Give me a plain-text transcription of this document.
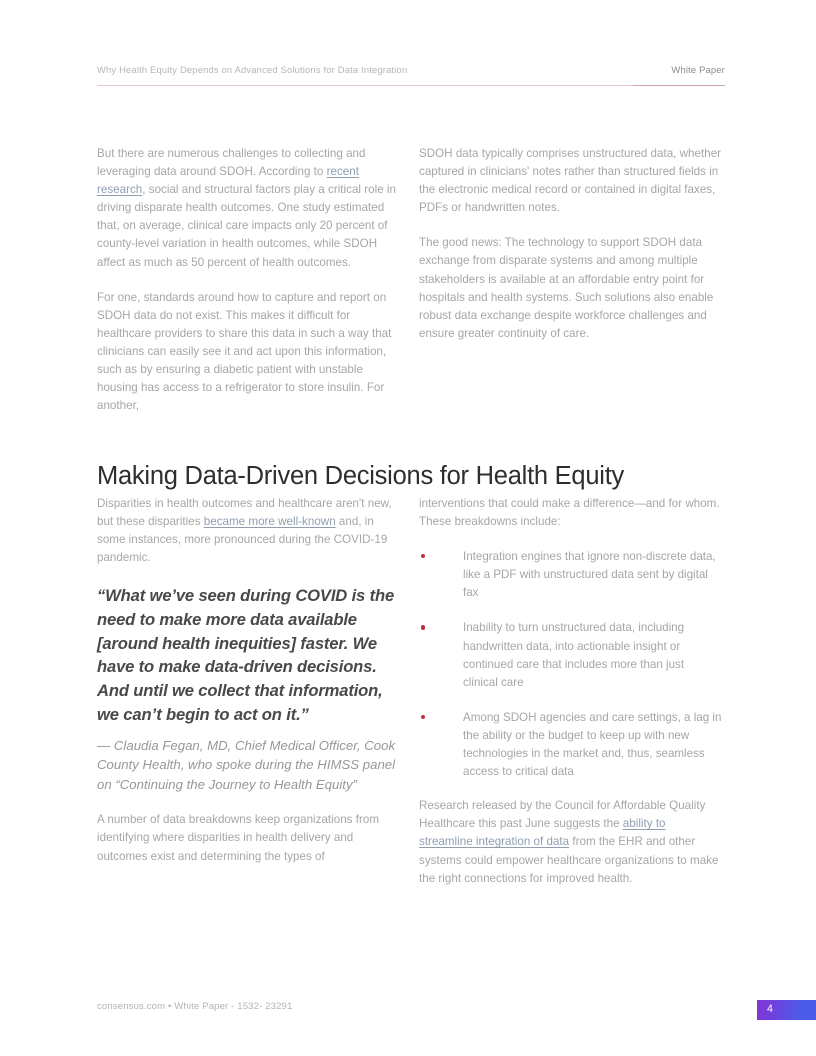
Why Health Equity Depends on Advanced Solutions for Data Integration	White Paper

But there are numerous challenges to collecting and leveraging data around SDOH. According to recent research, social and structural factors play a critical role in driving disparate health outcomes. One study estimated that, on average, clinical care impacts only 20 percent of county-level variation in health outcomes, while SDOH affect as much as 50 percent of health outcomes.

For one, standards around how to capture and report on SDOH data do not exist. This makes it difficult for healthcare providers to share this data in such a way that clinicians can easily see it and act upon this information, such as by ensuring a diabetic patient with unstable housing has access to a refrigerator to store insulin. For another,

SDOH data typically comprises unstructured data, whether captured in clinicians' notes rather than structured fields in the electronic medical record or contained in digital faxes, PDFs or handwritten notes.

The good news: The technology to support SDOH data exchange from disparate systems and among multiple stakeholders is available at an affordable entry point for hospitals and health systems. Such solutions also enable robust data exchange despite workforce challenges and ensure greater continuity of care.

Making Data-Driven Decisions for Health Equity

Disparities in health outcomes and healthcare aren't new, but these disparities became more well-known and, in some instances, more pronounced during the COVID-19 pandemic.

“What we’ve seen during COVID is the need to make more data available [around health inequities] faster. We have to make data-driven decisions. And until we collect that information, we can’t begin to act on it.”

— Claudia Fegan, MD, Chief Medical Officer, Cook County Health, who spoke during the HIMSS panel on “Continuing the Journey to Health Equity”

A number of data breakdowns keep organizations from identifying where disparities in health delivery and outcomes exist and determining the types of

interventions that could make a difference—and for whom. These breakdowns include:

Integration engines that ignore non-discrete data, like a PDF with unstructured data sent by digital fax
Inability to turn unstructured data, including handwritten data, into actionable insight or continued care that includes more than just clinical care
Among SDOH agencies and care settings, a lag in the ability or the budget to keep up with new technologies in the market and, thus, seamless access to critical data

Research released by the Council for Affordable Quality Healthcare this past June suggests the ability to streamline integration of data from the EHR and other systems could empower healthcare organizations to make the right connections for improved health.

consensus.com • White Paper - 1532- 23291	4
